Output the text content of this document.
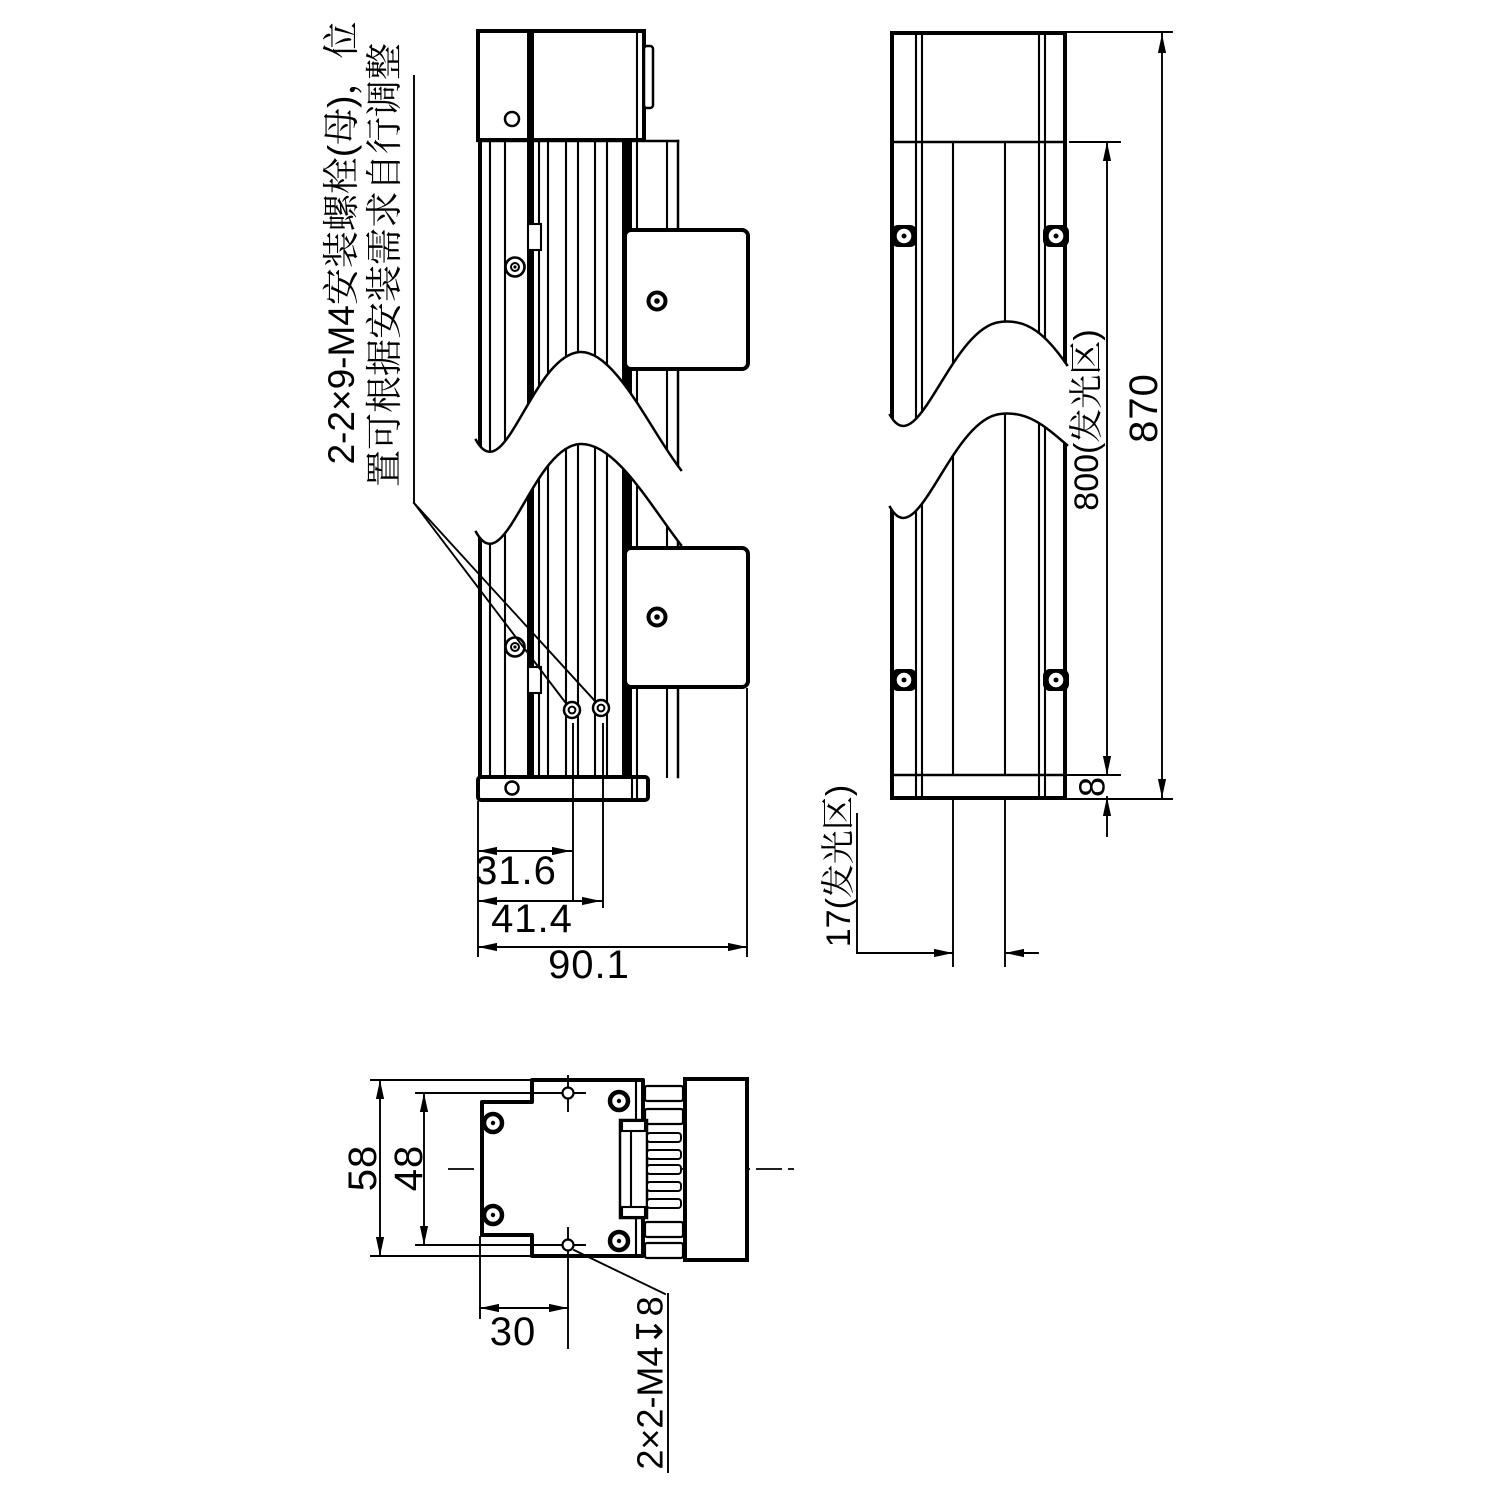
31.6
41.4
90.1
2-2×9-M4安装螺栓(母)，位 置可根据安装需求自行调整	870
800(发光区)
8
17(发光区)
58 48
30	2×2-M4↧8
